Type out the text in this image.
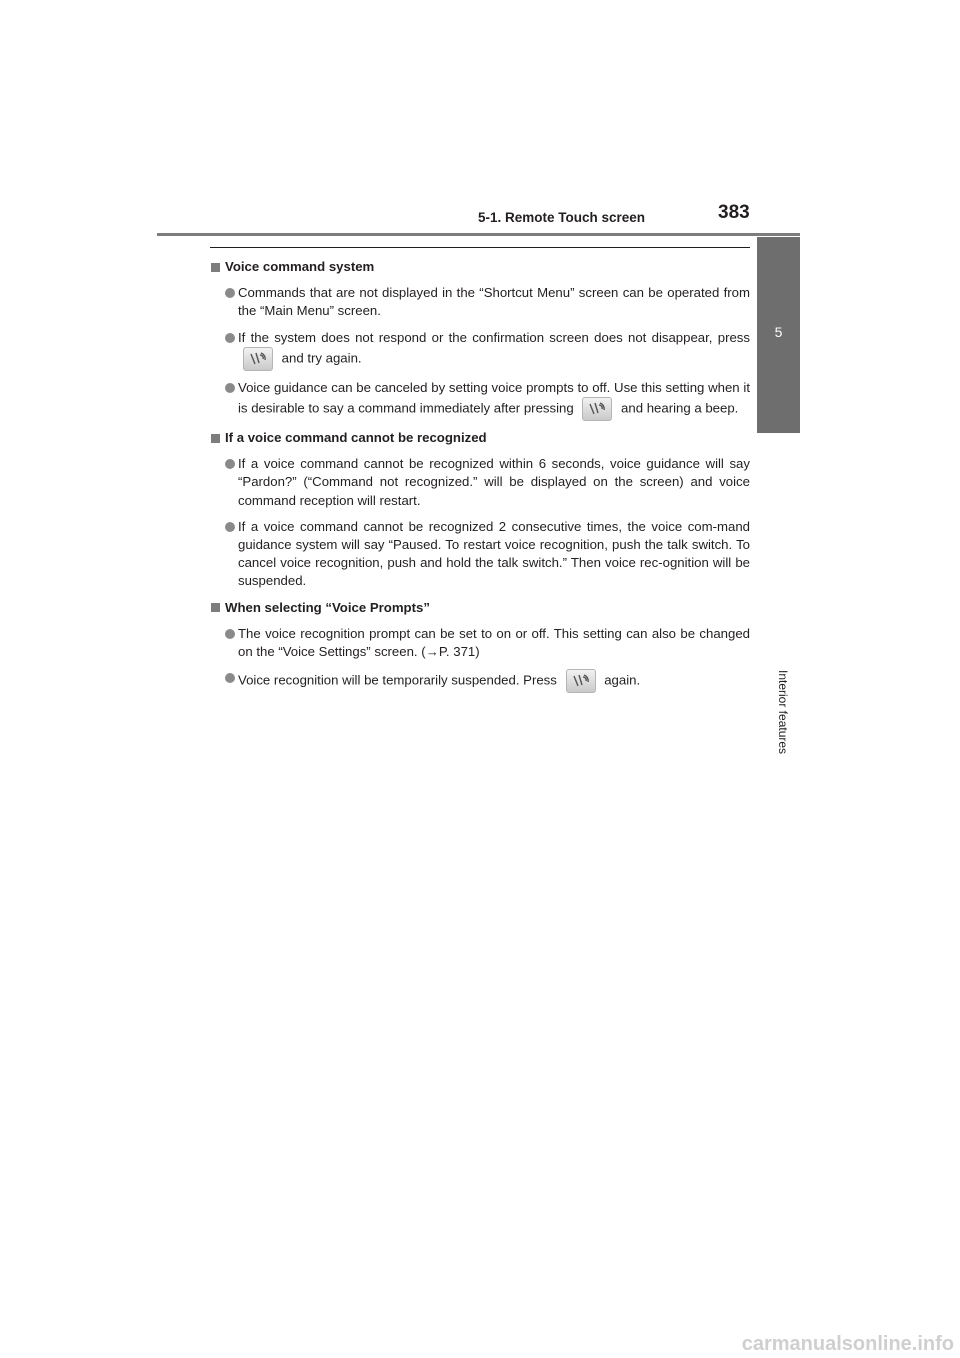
5-1. Remote Touch screen	383
5
Interior features
Voice command system
Commands that are not displayed in the “Shortcut Menu” screen can be operated from the “Main Menu” screen.
If the system does not respond or the confirmation screen does not disappear, press
and try again.
Voice guidance can be canceled by setting voice prompts to off. Use this setting when it is desirable to say a command immediately after pressing	and hearing a beep.
If a voice command cannot be recognized
If a voice command cannot be recognized within 6 seconds, voice guidance will say “Pardon?” (“Command not recognized.” will be displayed on the screen) and voice command reception will restart.
If a voice command cannot be recognized 2 consecutive times, the voice com-mand guidance system will say “Paused. To restart voice recognition, push the talk switch. To cancel voice recognition, push and hold the talk switch.” Then voice rec-ognition will be suspended.
When selecting “Voice Prompts”
The voice recognition prompt can be set to on or off. This setting can also be changed on the “Voice Settings” screen. (→P. 371)
Voice recognition will be temporarily suspended. Press	again.
carmanualsonline.info
